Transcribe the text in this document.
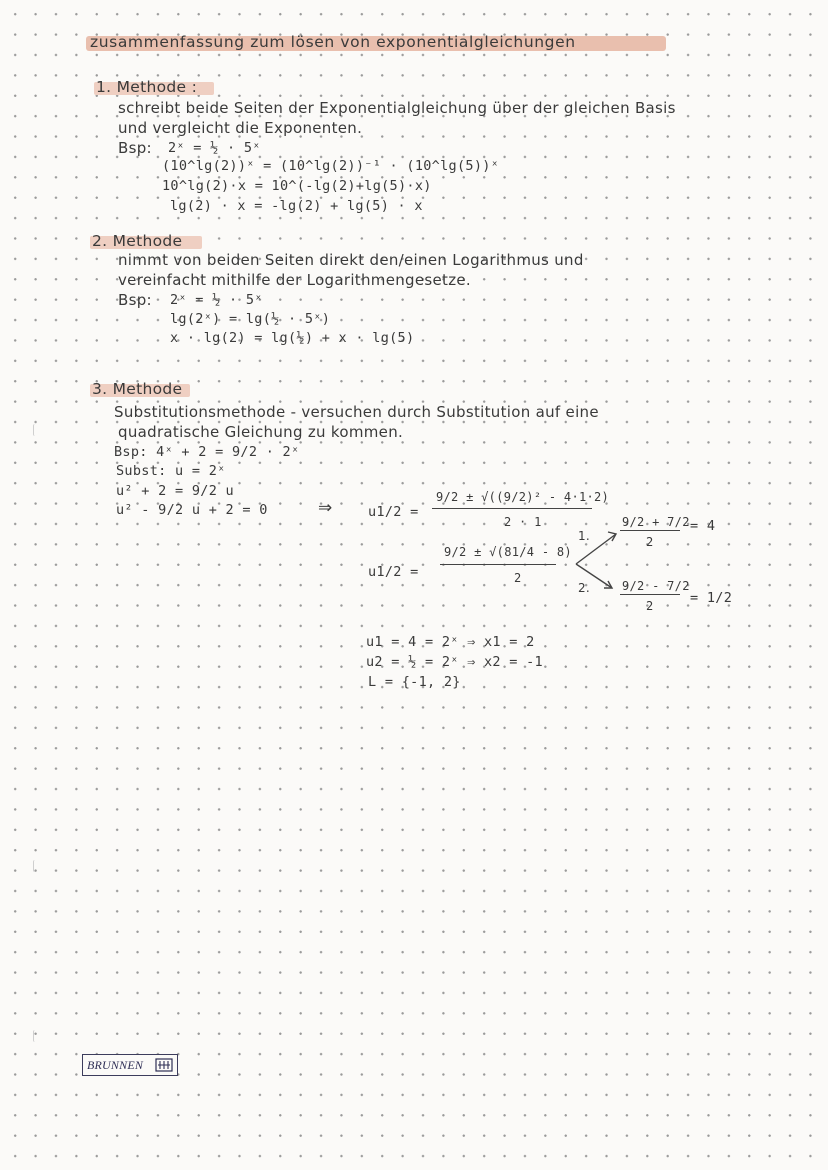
zusammenfassung zum lösen von exponentialgleichungen
1. Methode :
schreibt beide Seiten der Exponentialgleichung über der gleichen Basis
und vergleicht die Exponenten.
Bsp: 2ˣ = ½ · 5ˣ
(10^lg(2))ˣ = (10^lg(2))⁻¹ · (10^lg(5))ˣ
10^lg(2)·x = 10^(-lg(2)+lg(5)·x)
lg(2) · x = -lg(2) + lg(5) · x
2. Methode
nimmt von beiden Seiten direkt den/einen Logarithmus und
vereinfacht mithilfe der Logarithmengesetze.
Bsp: 2ˣ = ½ · 5ˣ
lg(2ˣ) = lg(½ · 5ˣ)
x · lg(2) = lg(½) + x · lg(5)
3. Methode
Substitutionsmethode - versuchen durch Substitution auf eine
quadratische Gleichung zu kommen.
Bsp: 4ˣ + 2 = 9/2 · 2ˣ
Subst: u = 2ˣ
u² + 2 = 9/2 u
u² - 9/2 u + 2 = 0	⇒	u1/2 =
9/2 ± √((9/2)² - 4·1·2)
2 · 1
u1/2 =
9/2 ± √(81/4 - 8)
2
1.
2.
9/2 + 7/2
2
= 4
9/2 - 7/2
2	= 1/2
u1 = 4 = 2ˣ ⇒ x1 = 2
u2 = ½ = 2ˣ ⇒ x2 = -1
L = {-1, 2}
BRUNNEN
